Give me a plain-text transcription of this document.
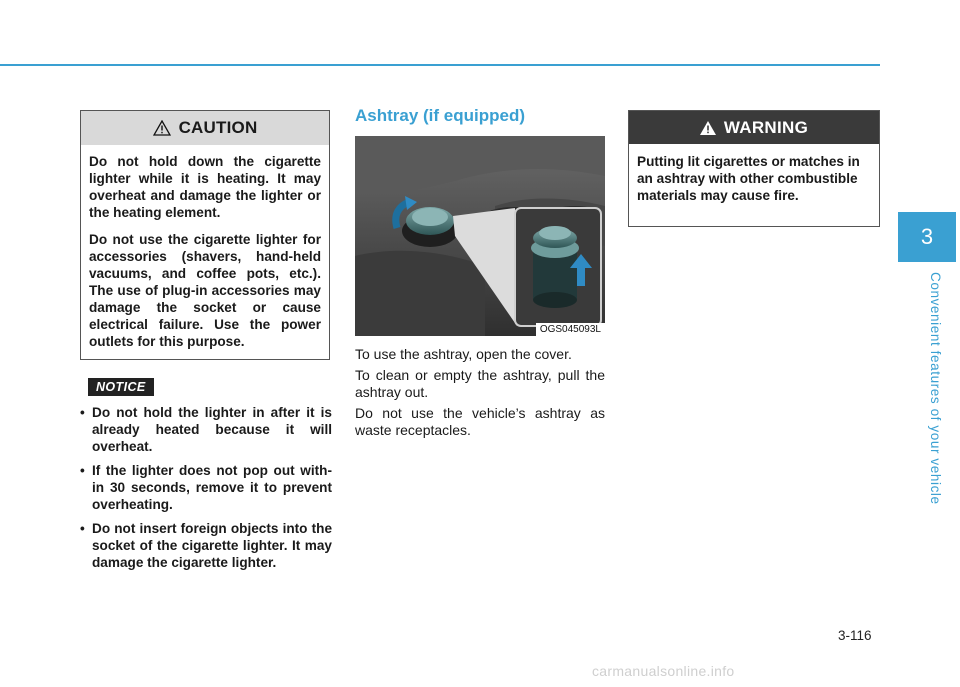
CAUTION

Do not hold down the cigarette lighter while it is heating. It may overheat and damage the lighter or the heating element.

Do not use the cigarette lighter for accessories (shavers, hand-held vacuums, and coffee pots, etc.). The use of plug-in accessories may damage the socket or cause electrical failure. Use the power outlets for this purpose.

NOTICE
• Do not hold the lighter in after it is already heated because it will overheat.
• If the lighter does not pop out with- in 30 seconds, remove it to prevent overheating.
• Do not insert foreign objects into the socket of the cigarette lighter. It may damage the cigarette lighter.
Ashtray (if equipped)
OGS045093L

To use the ashtray, open the cover.

To clean or empty the ashtray, pull the ashtray out.

Do not use the vehicle’s ashtray as waste receptacles.

WARNING

Putting lit cigarettes or matches in an ashtray with other combustible materials may cause fire.

3
Convenient features of your vehicle
3-116
carmanualsonline.info
